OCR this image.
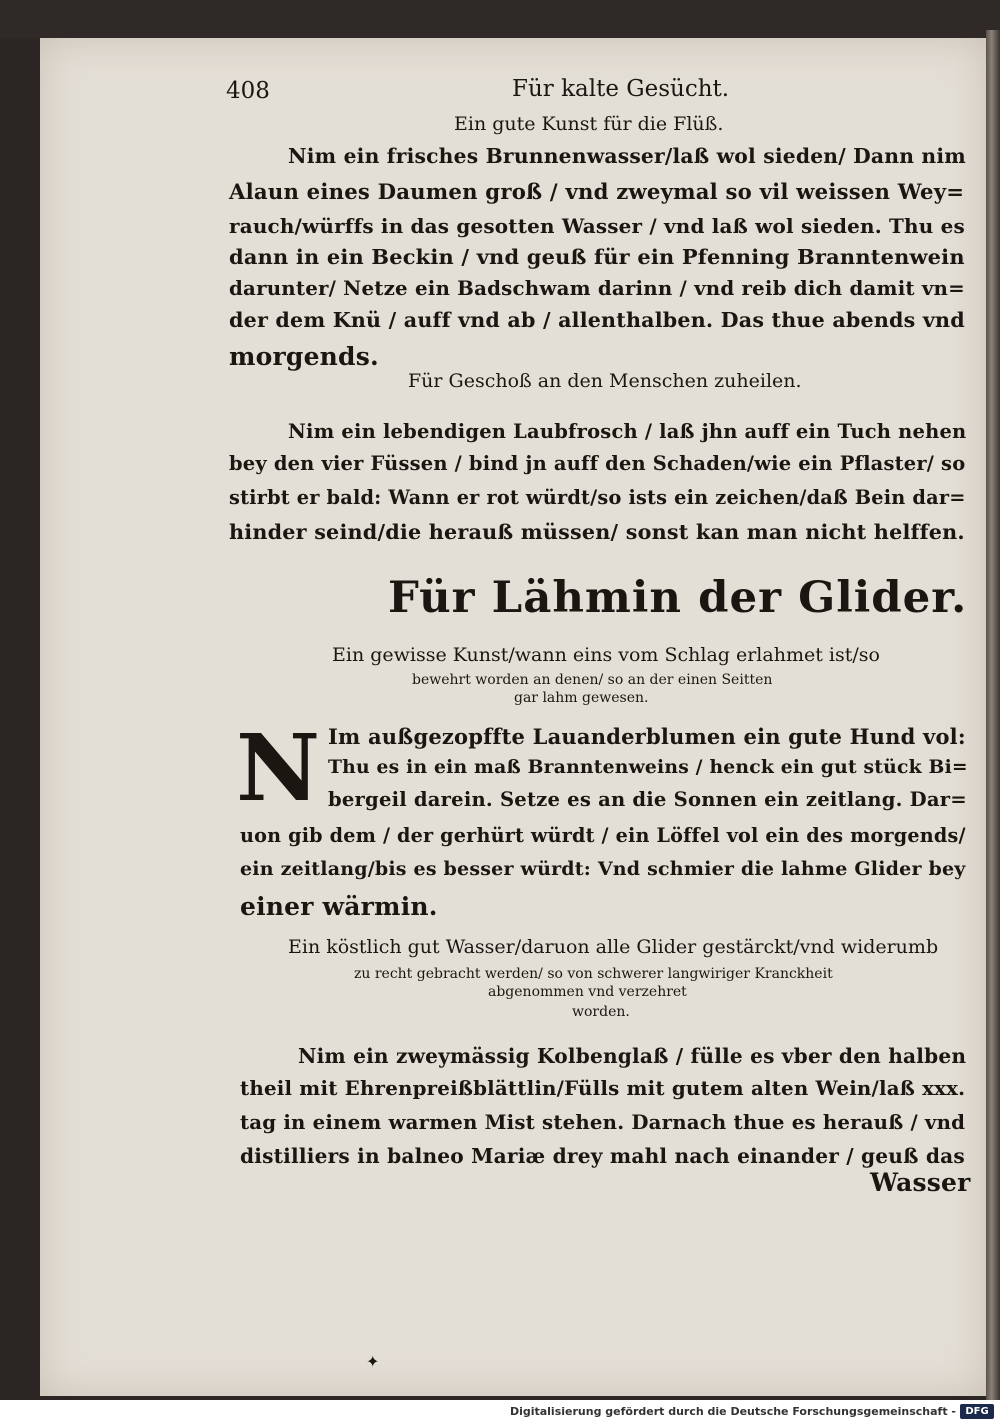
408	Für kalte Gesücht.
Ein gute Kunst für die Flüß.
Nim ein frisches Brunnenwasser/laß wol sieden/ Dann nim
Alaun eines Daumen groß / vnd zweymal so vil weissen Wey=
rauch/würffs in das gesotten Wasser / vnd laß wol sieden. Thu es
dann in ein Beckin / vnd geuß für ein Pfenning Branntenwein
darunter/ Netze ein Badschwam darinn / vnd reib dich damit vn=
der dem Knü / auff vnd ab / allenthalben. Das thue abends vnd
morgends.
Für Geschoß an den Menschen zuheilen.
Nim ein lebendigen Laubfrosch / laß jhn auff ein Tuch nehen
bey den vier Füssen / bind jn auff den Schaden/wie ein Pflaster/ so
stirbt er bald: Wann er rot würdt/so ists ein zeichen/daß Bein dar=
hinder seind/die herauß müssen/ sonst kan man nicht helffen.
Für Lähmin der Glider.
Ein gewisse Kunst/wann eins vom Schlag erlahmet ist/so
bewehrt worden an denen/ so an der einen Seitten
gar lahm gewesen.
N Im außgezopffte Lauanderblumen ein gute Hund vol:
Thu es in ein maß Branntenweins / henck ein gut stück Bi=
bergeil darein. Setze es an die Sonnen ein zeitlang. Dar=
uon gib dem / der gerhürt würdt / ein Löffel vol ein des morgends/
ein zeitlang/bis es besser würdt: Vnd schmier die lahme Glider bey
einer wärmin.
Ein köstlich gut Wasser/daruon alle Glider gestärckt/vnd widerumb
zu recht gebracht werden/ so von schwerer langwiriger Kranckheit
abgenommen vnd verzehret
worden.
Nim ein zweymässig Kolbenglaß / fülle es vber den halben
theil mit Ehrenpreißblättlin/Fülls mit gutem alten Wein/laß xxx.
tag in einem warmen Mist stehen. Darnach thue es herauß / vnd
distilliers in balneo Mariæ drey mahl nach einander / geuß das
Wasser
✦
Digitalisierung gefördert durch die Deutsche Forschungsgemeinschaft - DFG
